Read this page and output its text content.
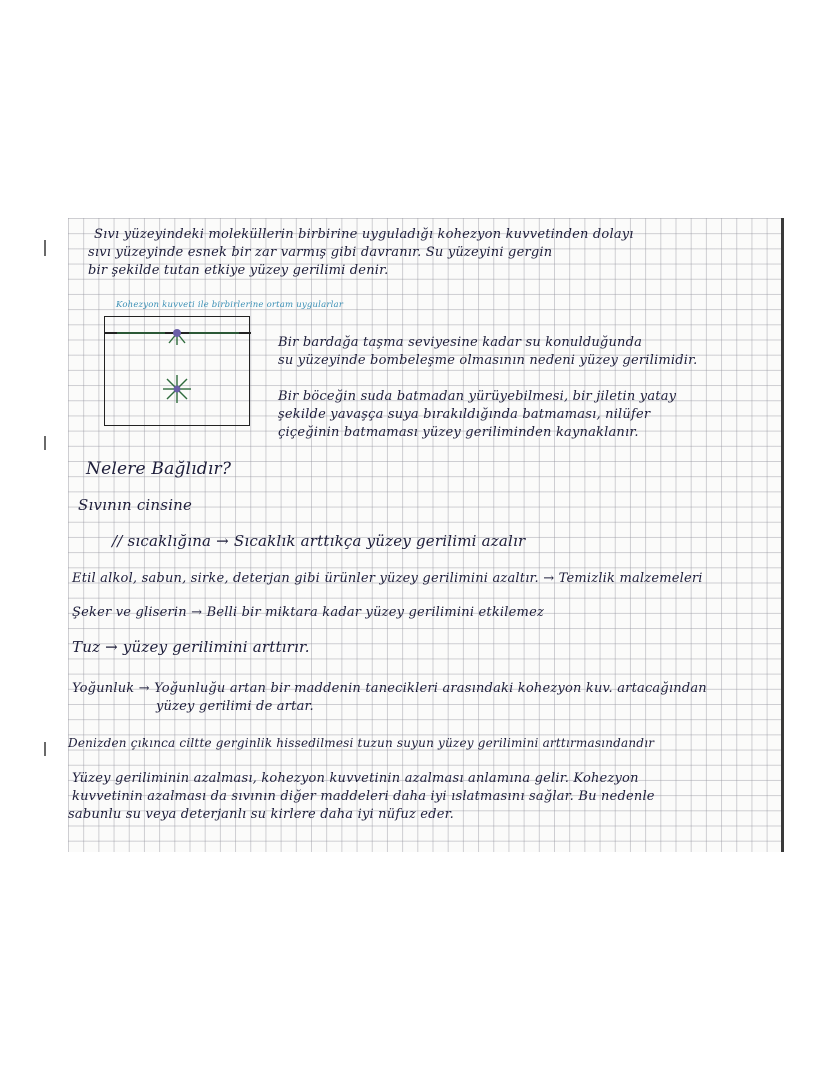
Sıvı yüzeyindeki moleküllerin birbirine uyguladığı kohezyon kuvvetinden dolayı
sıvı yüzeyinde esnek bir zar varmış gibi davranır. Su yüzeyini gergin
bir şekilde tutan etkiye yüzey gerilimi denir.
Kohezyon kuvveti ile birbirlerine ortam uygularlar
Bir bardağa taşma seviyesine kadar su konulduğunda
su yüzeyinde bombeleşme olmasının nedeni yüzey gerilimidir.
Bir böceğin suda batmadan yürüyebilmesi, bir jiletin yatay
şekilde yavaşça suya bırakıldığında batmaması, nilüfer
çiçeğinin batmaması yüzey geriliminden kaynaklanır.
Nelere Bağlıdır?
Sıvının cinsine
// sıcaklığına → Sıcaklık arttıkça yüzey gerilimi azalır
Etil alkol, sabun, sirke, deterjan gibi ürünler yüzey gerilimini azaltır. → Temizlik malzemeleri
Şeker ve gliserin → Belli bir miktara kadar yüzey gerilimini etkilemez
Tuz → yüzey gerilimini arttırır.
Yoğunluk → Yoğunluğu artan bir maddenin tanecikleri arasındaki kohezyon kuv. artacağından
yüzey gerilimi de artar.
Denizden çıkınca ciltte gerginlik hissedilmesi tuzun suyun yüzey gerilimini arttırmasındandır
Yüzey geriliminin azalması, kohezyon kuvvetinin azalması anlamına gelir. Kohezyon
kuvvetinin azalması da sıvının diğer maddeleri daha iyi ıslatmasını sağlar. Bu nedenle
sabunlu su veya deterjanlı su kirlere daha iyi nüfuz eder.
